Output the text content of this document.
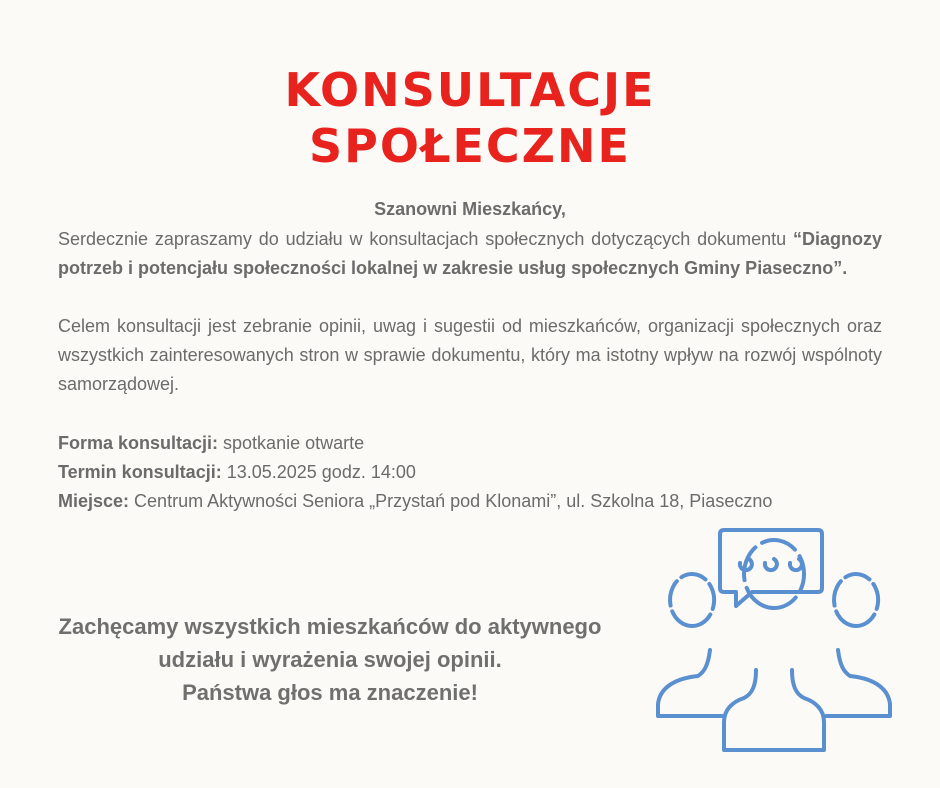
KONSULTACJE
SPOŁECZNE
Szanowni Mieszkańcy,
Serdecznie zapraszamy do udziału w konsultacjach społecznych dotyczących dokumentu “Diagnozy potrzeb i potencjału społeczności lokalnej w zakresie usług społecznych Gminy Piaseczno”.
Celem konsultacji jest zebranie opinii, uwag i sugestii od mieszkańców, organizacji społecznych oraz wszystkich zainteresowanych stron w sprawie dokumentu, który ma istotny wpływ na rozwój wspólnoty samorządowej.
Forma konsultacji: spotkanie otwarte
Termin konsultacji: 13.05.2025 godz. 14:00
Miejsce: Centrum Aktywności Seniora „Przystań pod Klonami”, ul. Szkolna 18, Piaseczno
Zachęcamy wszystkich mieszkańców do aktywnego
udziału i wyrażenia swojej opinii.
Państwa głos ma znaczenie!
